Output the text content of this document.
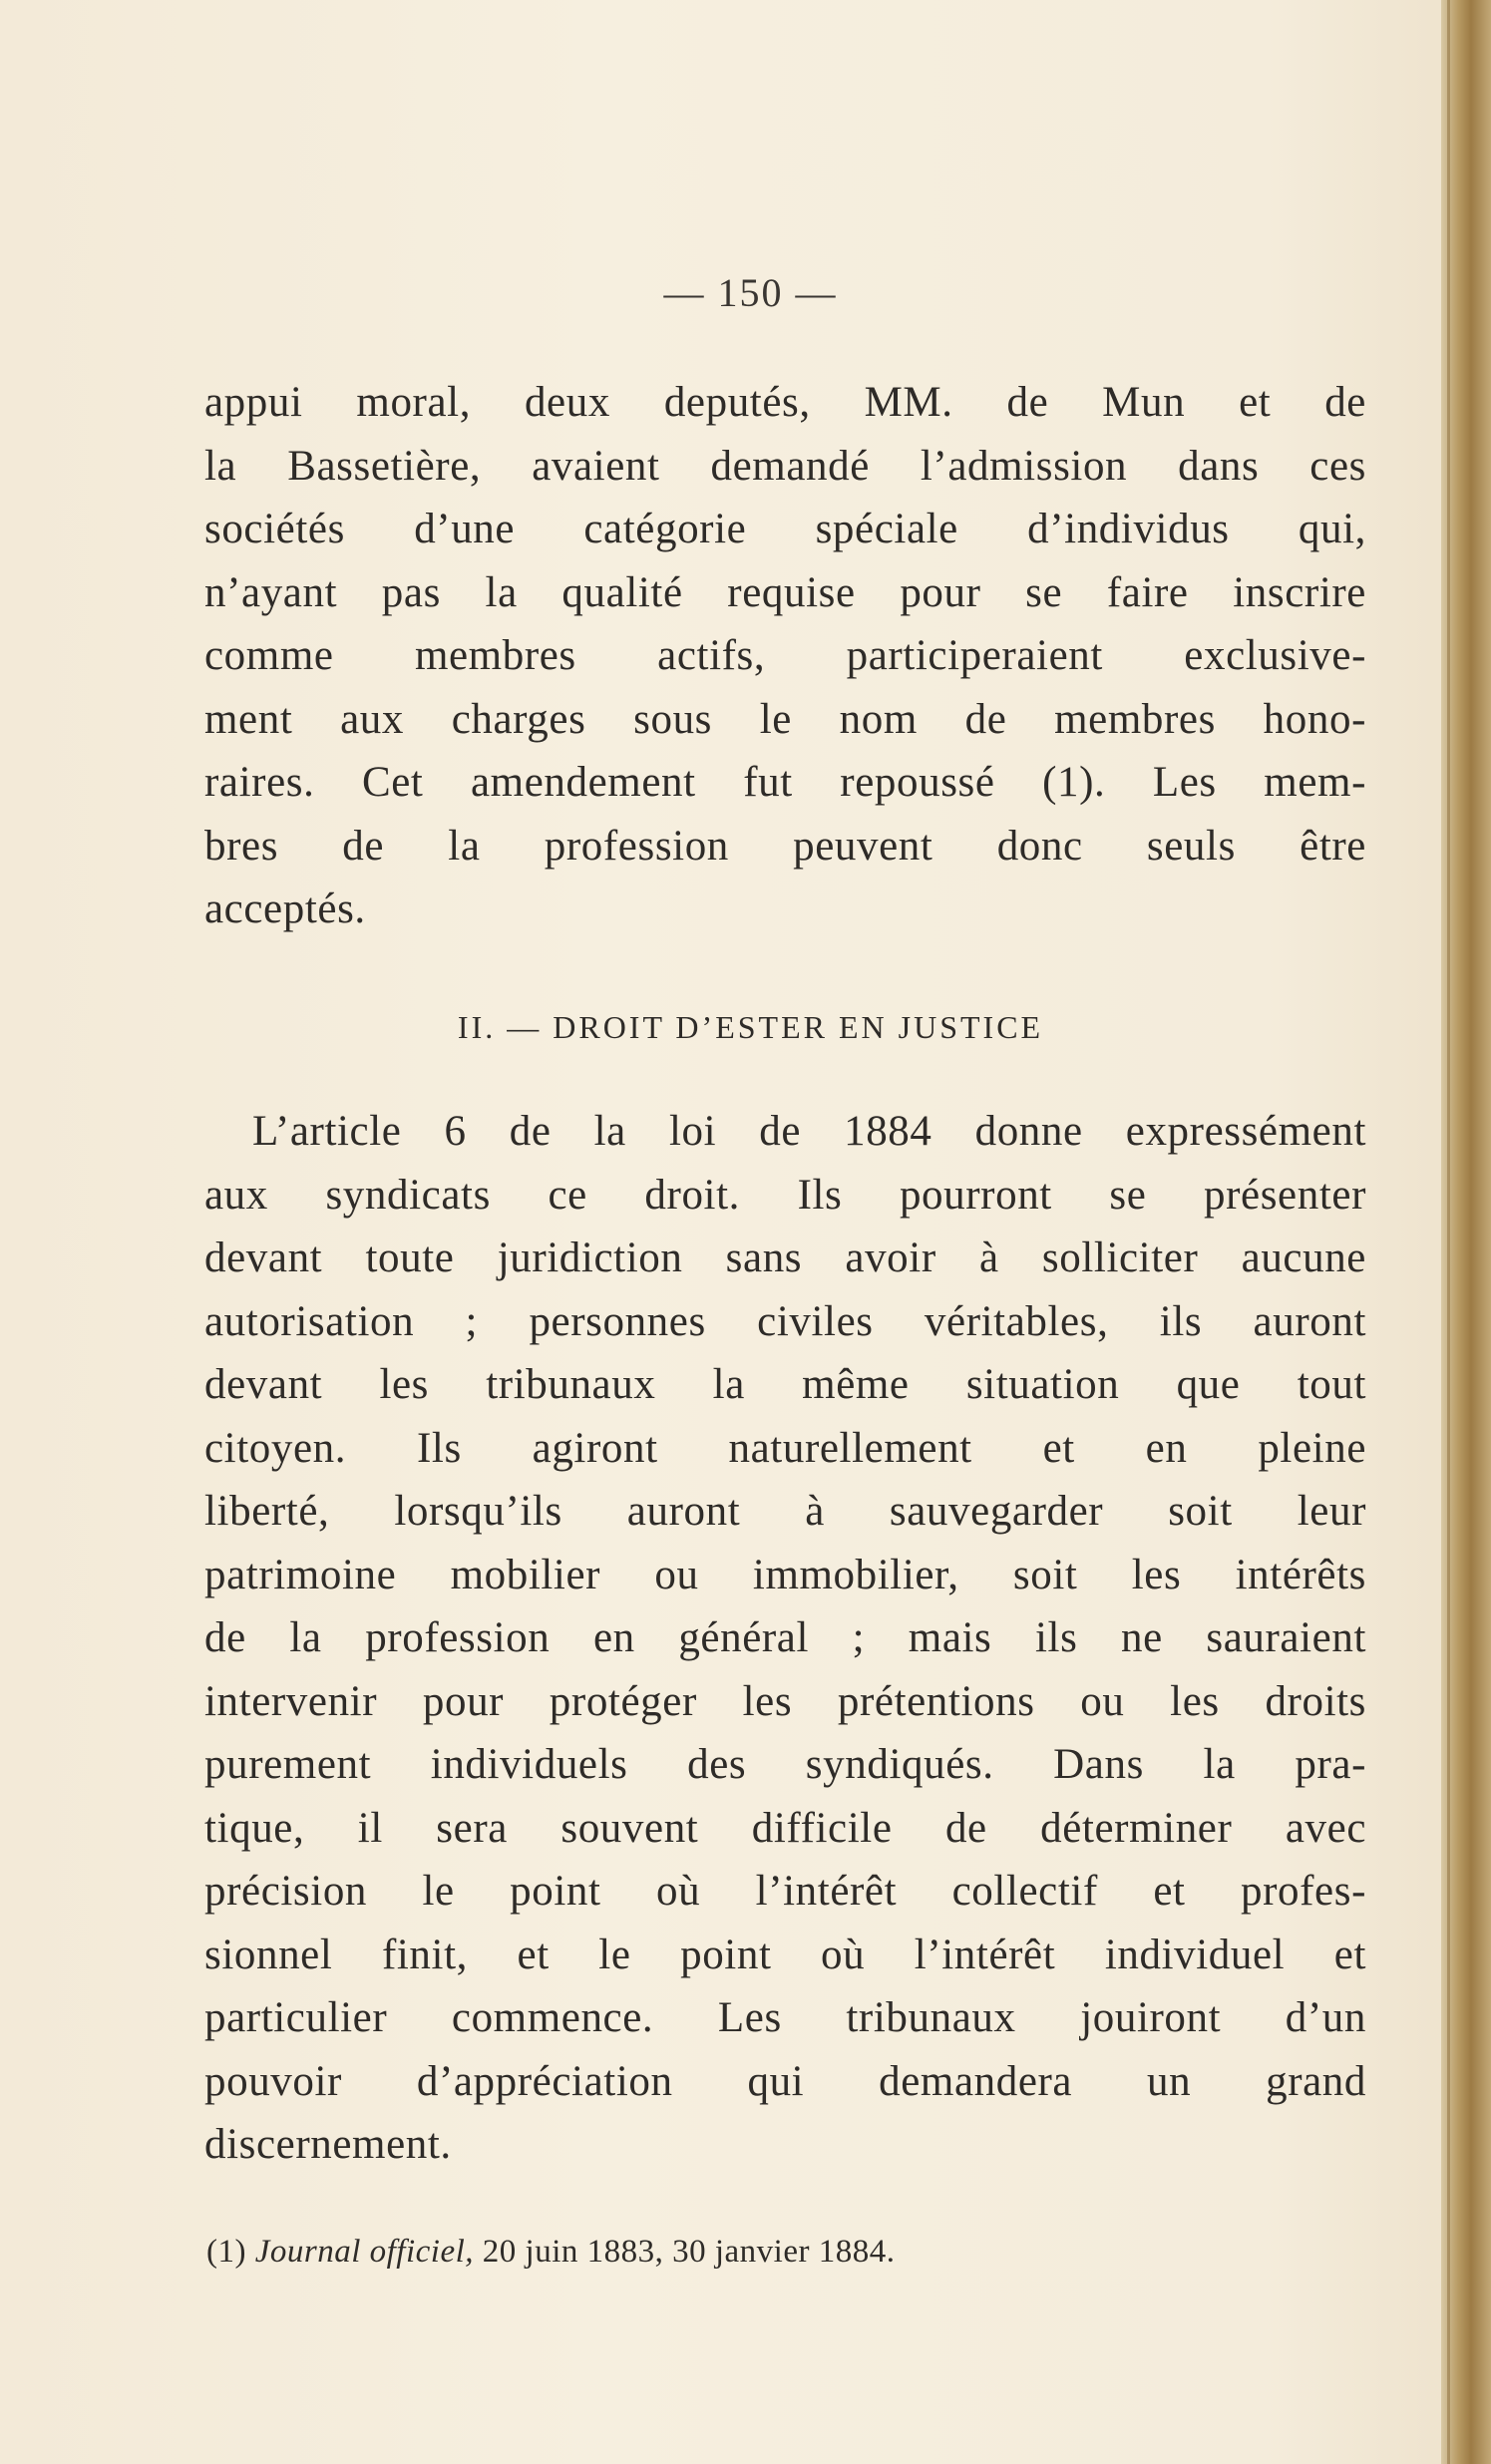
— 150 —
appui moral, deux deputés, MM. de Mun et de
la Bassetière, avaient demandé l’admission dans ces
sociétés d’une catégorie spéciale d’individus qui,
n’ayant pas la qualité requise pour se faire inscrire
comme membres actifs, participeraient exclusive-
ment aux charges sous le nom de membres hono-
raires. Cet amendement fut repoussé (1). Les mem-
bres de la profession peuvent donc seuls être
acceptés.
II. — DROIT D’ESTER EN JUSTICE
L’article 6 de la loi de 1884 donne expressément
aux syndicats ce droit. Ils pourront se présenter
devant toute juridiction sans avoir à solliciter aucune
autorisation ; personnes civiles véritables, ils auront
devant les tribunaux la même situation que tout
citoyen. Ils agiront naturellement et en pleine
liberté, lorsqu’ils auront à sauvegarder soit leur
patrimoine mobilier ou immobilier, soit les intérêts
de la profession en général ; mais ils ne sauraient
intervenir pour protéger les prétentions ou les droits
purement individuels des syndiqués. Dans la pra-
tique, il sera souvent difficile de déterminer avec
précision le point où l’intérêt collectif et profes-
sionnel finit, et le point où l’intérêt individuel et
particulier commence. Les tribunaux jouiront d’un
pouvoir d’appréciation qui demandera un grand
discernement.
(1) Journal officiel, 20 juin 1883, 30 janvier 1884.
